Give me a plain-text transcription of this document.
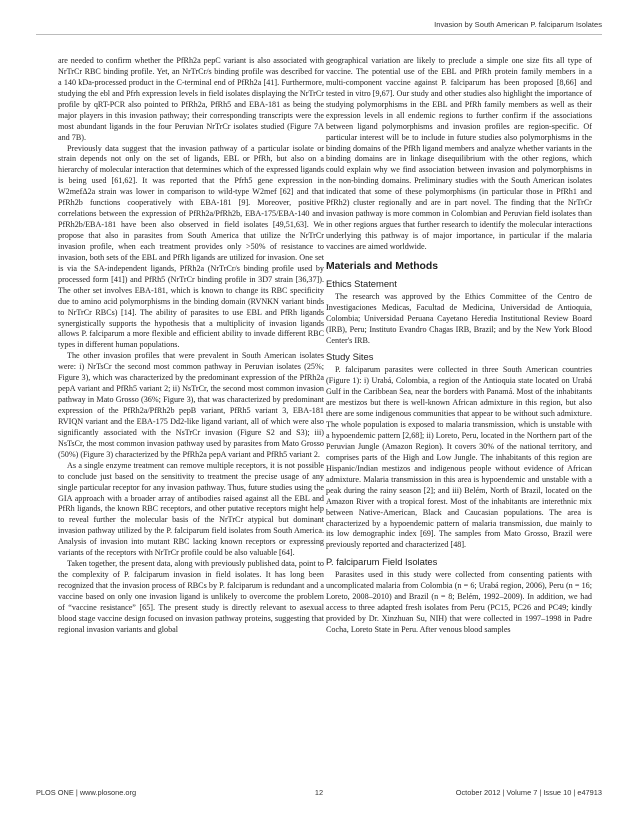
Invasion by South American P. falciparum Isolates

are needed to confirm whether the PfRh2a pepC variant is also associated with NrTrCr RBC binding profile. Yet, an NrTrCr/s binding profile was described for a 140 kDa-processed product in the C-terminal end of PfRh2a [41]. Furthermore, studying the ebl and Pfrh expression levels in field isolates displaying the NrTrCr profile by qRT-PCR also pointed to PfRh2a, PfRh5 and EBA-181 as being the major players in this invasion pathway; their corresponding transcripts were the most abundant ligands in the four Peruvian NrTrCr isolates studied (Figure 7A and 7B).

Previously data suggest that the invasion pathway of a particular isolate or strain depends not only on the set of ligands, EBL or PfRh, but also on a hierarchy of molecular interaction that determines which of the expressed ligands is being used [61,62]. It was reported that the Pfrh5 gene expression in W2mefΔ2a strain was lower in comparison to wild-type W2mef [62] and that PfRh2b functions cooperatively with EBA-181 [9]. Moreover, positive correlations between the expression of PfRh2a/PfRh2b, EBA-175/EBA-140 and PfRh2b/EBA-181 have been also observed in field isolates [49,51,63]. We propose that also in parasites from South America that utilize the NrTrCr invasion profile, when each treatment provides only >50% of resistance to invasion, both sets of the EBL and PfRh ligands are utilized for invasion. One set is via the SA-independent ligands, PfRh2a (NrTrCr/s binding profile used by processed form [41]) and PfRh5 (NrTrCr binding profile in 3D7 strain [36,37]). The other set involves EBA-181, which is known to change its RBC specificity due to amino acid polymorphisms in the binding domain (RVNKN variant binds to NrTrCr RBCs) [14]. The ability of parasites to use EBL and PfRh ligands synergistically supports the hypothesis that a multiplicity of invasion ligands allows P. falciparum a more flexible and efficient ability to invade different RBC types in different human populations.

The other invasion profiles that were prevalent in South American isolates were: i) NrTsCr the second most common pathway in Peruvian isolates (25%; Figure 3), which was characterized by the predominant expression of the PfRh2a pepA variant and PfRh5 variant 2; ii) NsTrCr, the second most common invasion pathway in Mato Grosso (36%; Figure 3), that was characterized by predominant expression of the PfRh2a/PfRh2b pepB variant, PfRh5 variant 3, EBA-181 RVIQN variant and the EBA-175 Dd2-like ligand variant, all of which were also significantly associated with the NsTrCr invasion (Figure S2 and S3); iii) NsTsCr, the most common invasion pathway used by parasites from Mato Grosso (50%) (Figure 3) characterized by the PfRh2a pepA variant and PfRh5 variant 2.

As a single enzyme treatment can remove multiple receptors, it is not possible to conclude just based on the sensitivity to treatment the precise usage of any single particular receptor for any invasion pathway. Thus, future studies using the GIA approach with a broader array of antibodies raised against all the EBL and PfRh ligands, the known RBC receptors, and other putative receptors might help to reveal further the molecular basis of the NrTrCr atypical but dominant invasion pathway utilized by the P. falciparum field isolates from South America. Analysis of invasion into mutant RBC lacking known receptors or expressing variants of the receptors with NrTrCr profile could be also valuable [64].

Taken together, the present data, along with previously published data, point to the complexity of P. falciparum invasion in field isolates. It has long been recognized that the invasion process of RBCs by P. falciparum is redundant and a vaccine based on only one invasion ligand is unlikely to overcome the problem of “vaccine resistance” [65]. The present study is directly relevant to asexual blood stage vaccine design focused on invasion pathway proteins, suggesting that regional invasion variants and global

geographical variation are likely to preclude a simple one size fits all type of vaccine. The potential use of the EBL and PfRh protein family members in a multi-component vaccine against P. falciparum has been proposed [8,66] and tested in vitro [9,67]. Our study and other studies also highlight the importance of studying polymorphisms in the EBL and PfRh family members as well as their expression levels in all endemic regions to further confirm if the associations between ligand polymorphisms and invasion profiles are region-specific. Of particular interest will be to include in future studies also polymorphisms in the binding domains of the PfRh ligand members and analyze whether variants in the binding domains are in linkage disequilibrium with the other regions, which could explain why we find association between invasion and polymorphisms in the non-binding domains. Preliminary studies with the South American isolates indicated that some of these polymorphisms (in particular those in PfRh1 and PfRh2) cluster regionally and are in part novel. The finding that the NrTrCr invasion pathway is more common in Colombian and Peruvian field isolates than in other regions argues that further research to identify the molecular interactions underlying this pathway is of major importance, in particular if the malaria vaccines are aimed worldwide.

Materials and Methods
Ethics Statement

The research was approved by the Ethics Committee of the Centro de Investigaciones Medicas, Facultad de Medicina, Universidad de Antioquia, Colombia; Universidad Peruana Cayetano Heredia Institutional Review Board (IRB), Peru; Instituto Evandro Chagas IRB, Brazil; and by the New York Blood Center's IRB.

Study Sites

P. falciparum parasites were collected in three South American countries (Figure 1): i) Urabá, Colombia, a region of the Antioquia state located on Urabá Gulf in the Caribbean Sea, near the borders with Panamá. Most of the inhabitants are mestizos but there is well-known African admixture in this region, but also there are some indigenous communities that appear to be without such admixture. The whole population is exposed to malaria transmission, which is unstable with a hypoendemic pattern [2,68]; ii) Loreto, Peru, located in the Northern part of the Peruvian Jungle (Amazon Region). It covers 30% of the national territory, and comprises parts of the High and Low Jungle. The inhabitants of this region are Hispanic/Indian mestizos and indigenous people without evidence of African admixture. Malaria transmission in this area is hypoendemic and unstable with a peak during the rainy season [2]; and iii) Belém, North of Brazil, located on the Amazon River with a tropical forest. Most of the inhabitants are interethnic mix between Native-American, Black and Caucasian populations. The area is characterized by a hypoendemic pattern of malaria transmission, due mainly to its low demographic index [69]. The samples from Mato Grosso, Brazil were previously reported and characterized [48].

P. falciparum Field Isolates

Parasites used in this study were collected from consenting patients with uncomplicated malaria from Colombia (n = 6; Urabá region, 2006), Peru (n = 16; Loreto, 2008–2010) and Brazil (n = 8; Belém, 1992–2009). In addition, we had access to three adapted fresh isolates from Peru (PC15, PC26 and PC49; kindly provided by Dr. Xinzhuan Su, NIH) that were collected in 1997–1998 in Padre Cocha, Loreto State in Peru. After venous blood samples

PLOS ONE | www.plosone.org	12	October 2012 | Volume 7 | Issue 10 | e47913
